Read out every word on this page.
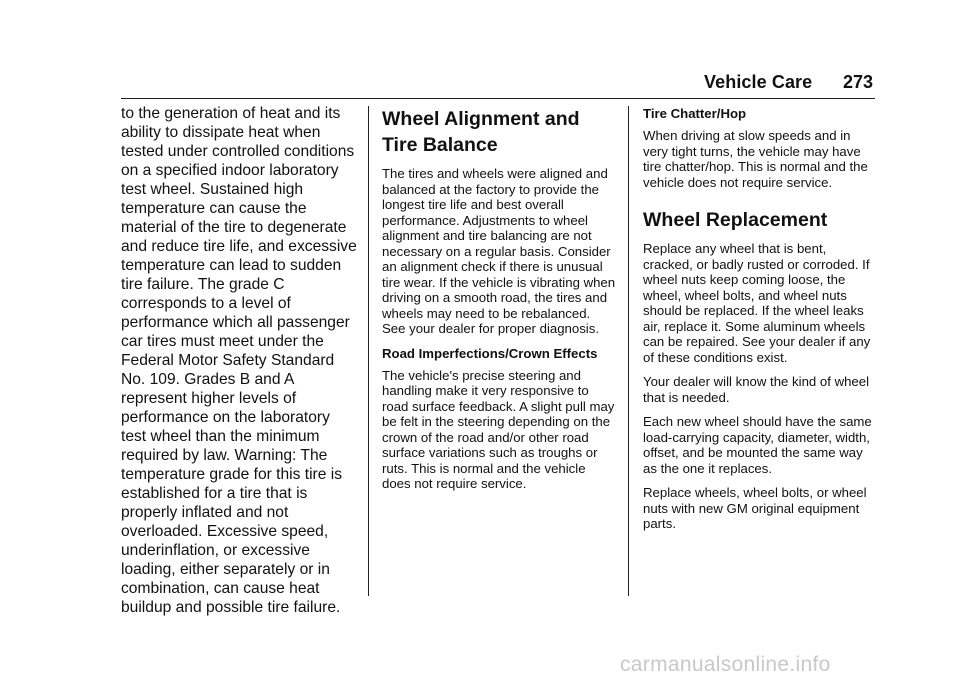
Vehicle Care 273

to the generation of heat and its ability to dissipate heat when tested under controlled conditions on a specified indoor laboratory test wheel. Sustained high temperature can cause the material of the tire to degenerate and reduce tire life, and excessive temperature can lead to sudden tire failure. The grade C corresponds to a level of performance which all passenger car tires must meet under the Federal Motor Safety Standard No. 109. Grades B and A represent higher levels of performance on the laboratory test wheel than the minimum required by law. Warning: The temperature grade for this tire is established for a tire that is properly inflated and not overloaded. Excessive speed, underinflation, or excessive loading, either separately or in combination, can cause heat buildup and possible tire failure.

Wheel Alignment and Tire Balance

The tires and wheels were aligned and balanced at the factory to provide the longest tire life and best overall performance. Adjustments to wheel alignment and tire balancing are not necessary on a regular basis. Consider an alignment check if there is unusual tire wear. If the vehicle is vibrating when driving on a smooth road, the tires and wheels may need to be rebalanced. See your dealer for proper diagnosis.

Road Imperfections/Crown Effects

The vehicle's precise steering and handling make it very responsive to road surface feedback. A slight pull may be felt in the steering depending on the crown of the road and/or other road surface variations such as troughs or ruts. This is normal and the vehicle does not require service.

Tire Chatter/Hop

When driving at slow speeds and in very tight turns, the vehicle may have tire chatter/hop. This is normal and the vehicle does not require service.

Wheel Replacement

Replace any wheel that is bent, cracked, or badly rusted or corroded. If wheel nuts keep coming loose, the wheel, wheel bolts, and wheel nuts should be replaced. If the wheel leaks air, replace it. Some aluminum wheels can be repaired. See your dealer if any of these conditions exist.

Your dealer will know the kind of wheel that is needed.

Each new wheel should have the same load-carrying capacity, diameter, width, offset, and be mounted the same way as the one it replaces.

Replace wheels, wheel bolts, or wheel nuts with new GM original equipment parts.

carmanualsonline.info
